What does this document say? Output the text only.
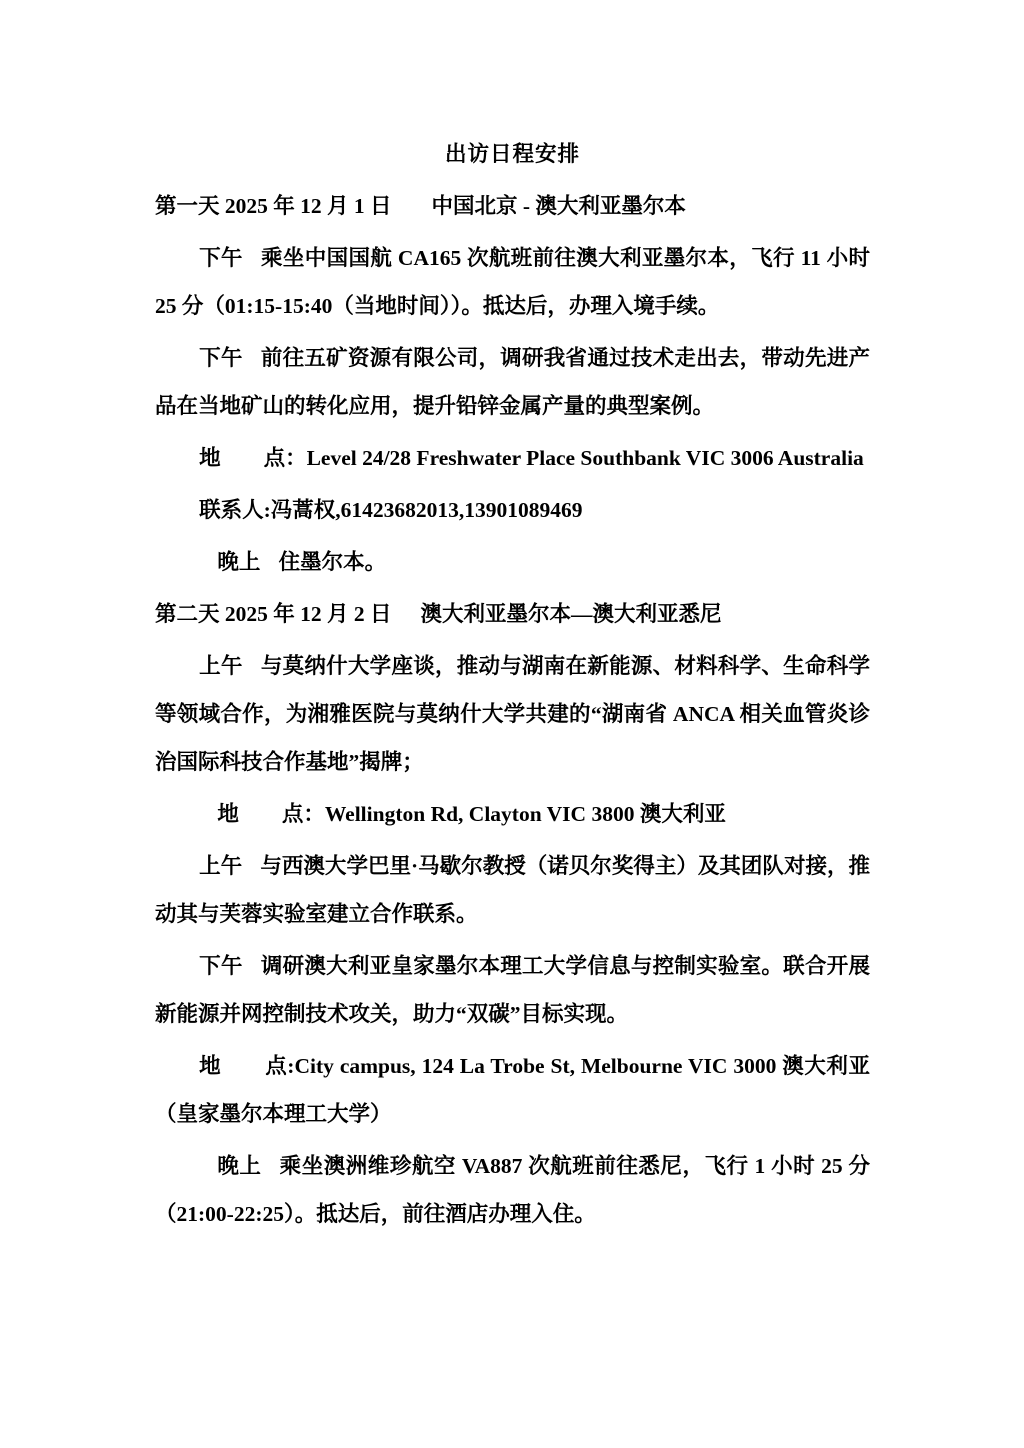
出访日程安排

第一天 2025 年 12 月 1 日 中国北京 - 澳大利亚墨尔本

下午 乘坐中国国航 CA165 次航班前往澳大利亚墨尔本，飞行 11 小时 25 分（01:15-15:40（当地时间））。抵达后，办理入境手续。

下午 前往五矿资源有限公司，调研我省通过技术走出去，带动先进产品在当地矿山的转化应用，提升铅锌金属产量的典型案例。

地　　点：Level 24/28 Freshwater Place Southbank VIC 3006 Australia

联系人:冯蒿权,61423682013,13901089469

晚上 住墨尔本。

第二天 2025 年 12 月 2 日 澳大利亚墨尔本—澳大利亚悉尼

上午 与莫纳什大学座谈，推动与湖南在新能源、材料科学、生命科学等领域合作，为湘雅医院与莫纳什大学共建的“湖南省 ANCA 相关血管炎诊治国际科技合作基地”揭牌；

地　　点：Wellington Rd, Clayton VIC 3800 澳大利亚

上午 与西澳大学巴里·马歇尔教授（诺贝尔奖得主）及其团队对接，推动其与芙蓉实验室建立合作联系。

下午 调研澳大利亚皇家墨尔本理工大学信息与控制实验室。联合开展新能源并网控制技术攻关，助力“双碳”目标实现。

地　　点:City campus, 124 La Trobe St, Melbourne VIC 3000 澳大利亚（皇家墨尔本理工大学）

晚上 乘坐澳洲维珍航空 VA887 次航班前往悉尼，飞行 1 小时 25 分（21:00-22:25）。抵达后，前往酒店办理入住。
